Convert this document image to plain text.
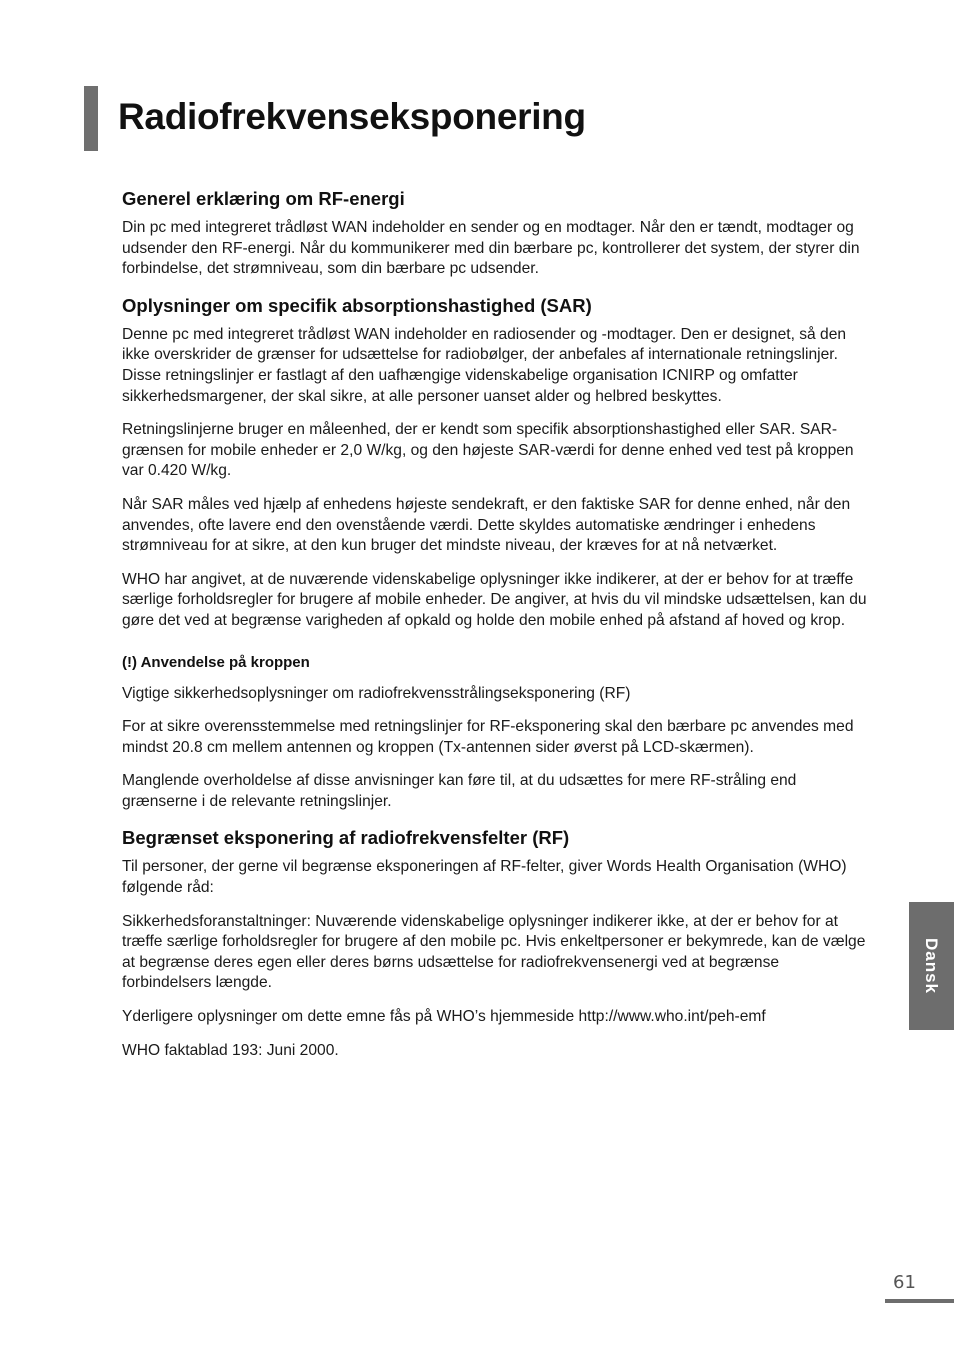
Radiofrekvenseksponering
Generel erklæring om RF-energi

Din pc med integreret trådløst WAN indeholder en sender og en modtager. Når den er tændt, modtager og udsender den RF-energi. Når du kommunikerer med din bærbare pc, kontrollerer det system, der styrer din forbindelse, det strømniveau, som din bærbare pc udsender.

Oplysninger om specifik absorptionshastighed (SAR)

Denne pc med integreret trådløst WAN indeholder en radiosender og -modtager. Den er designet, så den ikke overskrider de grænser for udsættelse for radiobølger, der anbefales af internationale retningslinjer. Disse retningslinjer er fastlagt af den uafhængige videnskabelige organisation ICNIRP og omfatter sikkerhedsmargener, der skal sikre, at alle personer uanset alder og helbred beskyttes.

Retningslinjerne bruger en måleenhed, der er kendt som specifik absorptionshastighed eller SAR. SAR-grænsen for mobile enheder er 2,0 W/kg, og den højeste SAR-værdi for denne enhed ved test på kroppen var 0.420 W/kg.

Når SAR måles ved hjælp af enhedens højeste sendekraft, er den faktiske SAR for denne enhed, når den anvendes, ofte lavere end den ovenstående værdi. Dette skyldes automatiske ændringer i enhedens strømniveau for at sikre, at den kun bruger det mindste niveau, der kræves for at nå netværket.

WHO har angivet, at de nuværende videnskabelige oplysninger ikke indikerer, at der er behov for at træffe særlige forholdsregler for brugere af mobile enheder. De angiver, at hvis du vil mindske udsættelsen, kan du gøre det ved at begrænse varigheden af opkald og holde den mobile enhed på afstand af hoved og krop.

(!) Anvendelse på kroppen

Vigtige sikkerhedsoplysninger om radiofrekvensstrålingseksponering (RF)

For at sikre overensstemmelse med retningslinjer for RF-eksponering skal den bærbare pc anvendes med mindst 20.8 cm mellem antennen og kroppen (Tx-antennen sider øverst på LCD-skærmen).

Manglende overholdelse af disse anvisninger kan føre til, at du udsættes for mere RF-stråling end grænserne i de relevante retningslinjer.

Begrænset eksponering af radiofrekvensfelter (RF)

Til personer, der gerne vil begrænse eksponeringen af RF-felter, giver Words Health Organisation (WHO) følgende råd:

Sikkerhedsforanstaltninger: Nuværende videnskabelige oplysninger indikerer ikke, at der er behov for at træffe særlige forholdsregler for brugere af den mobile pc. Hvis enkeltpersoner er bekymrede, kan de vælge at begrænse deres egen eller deres børns udsættelse for radiofrekvensenergi ved at begrænse forbindelsers længde.

Yderligere oplysninger om dette emne fås på WHO’s hjemmeside http://www.who.int/peh-emf

WHO faktablad 193: Juni 2000.

Dansk
61
